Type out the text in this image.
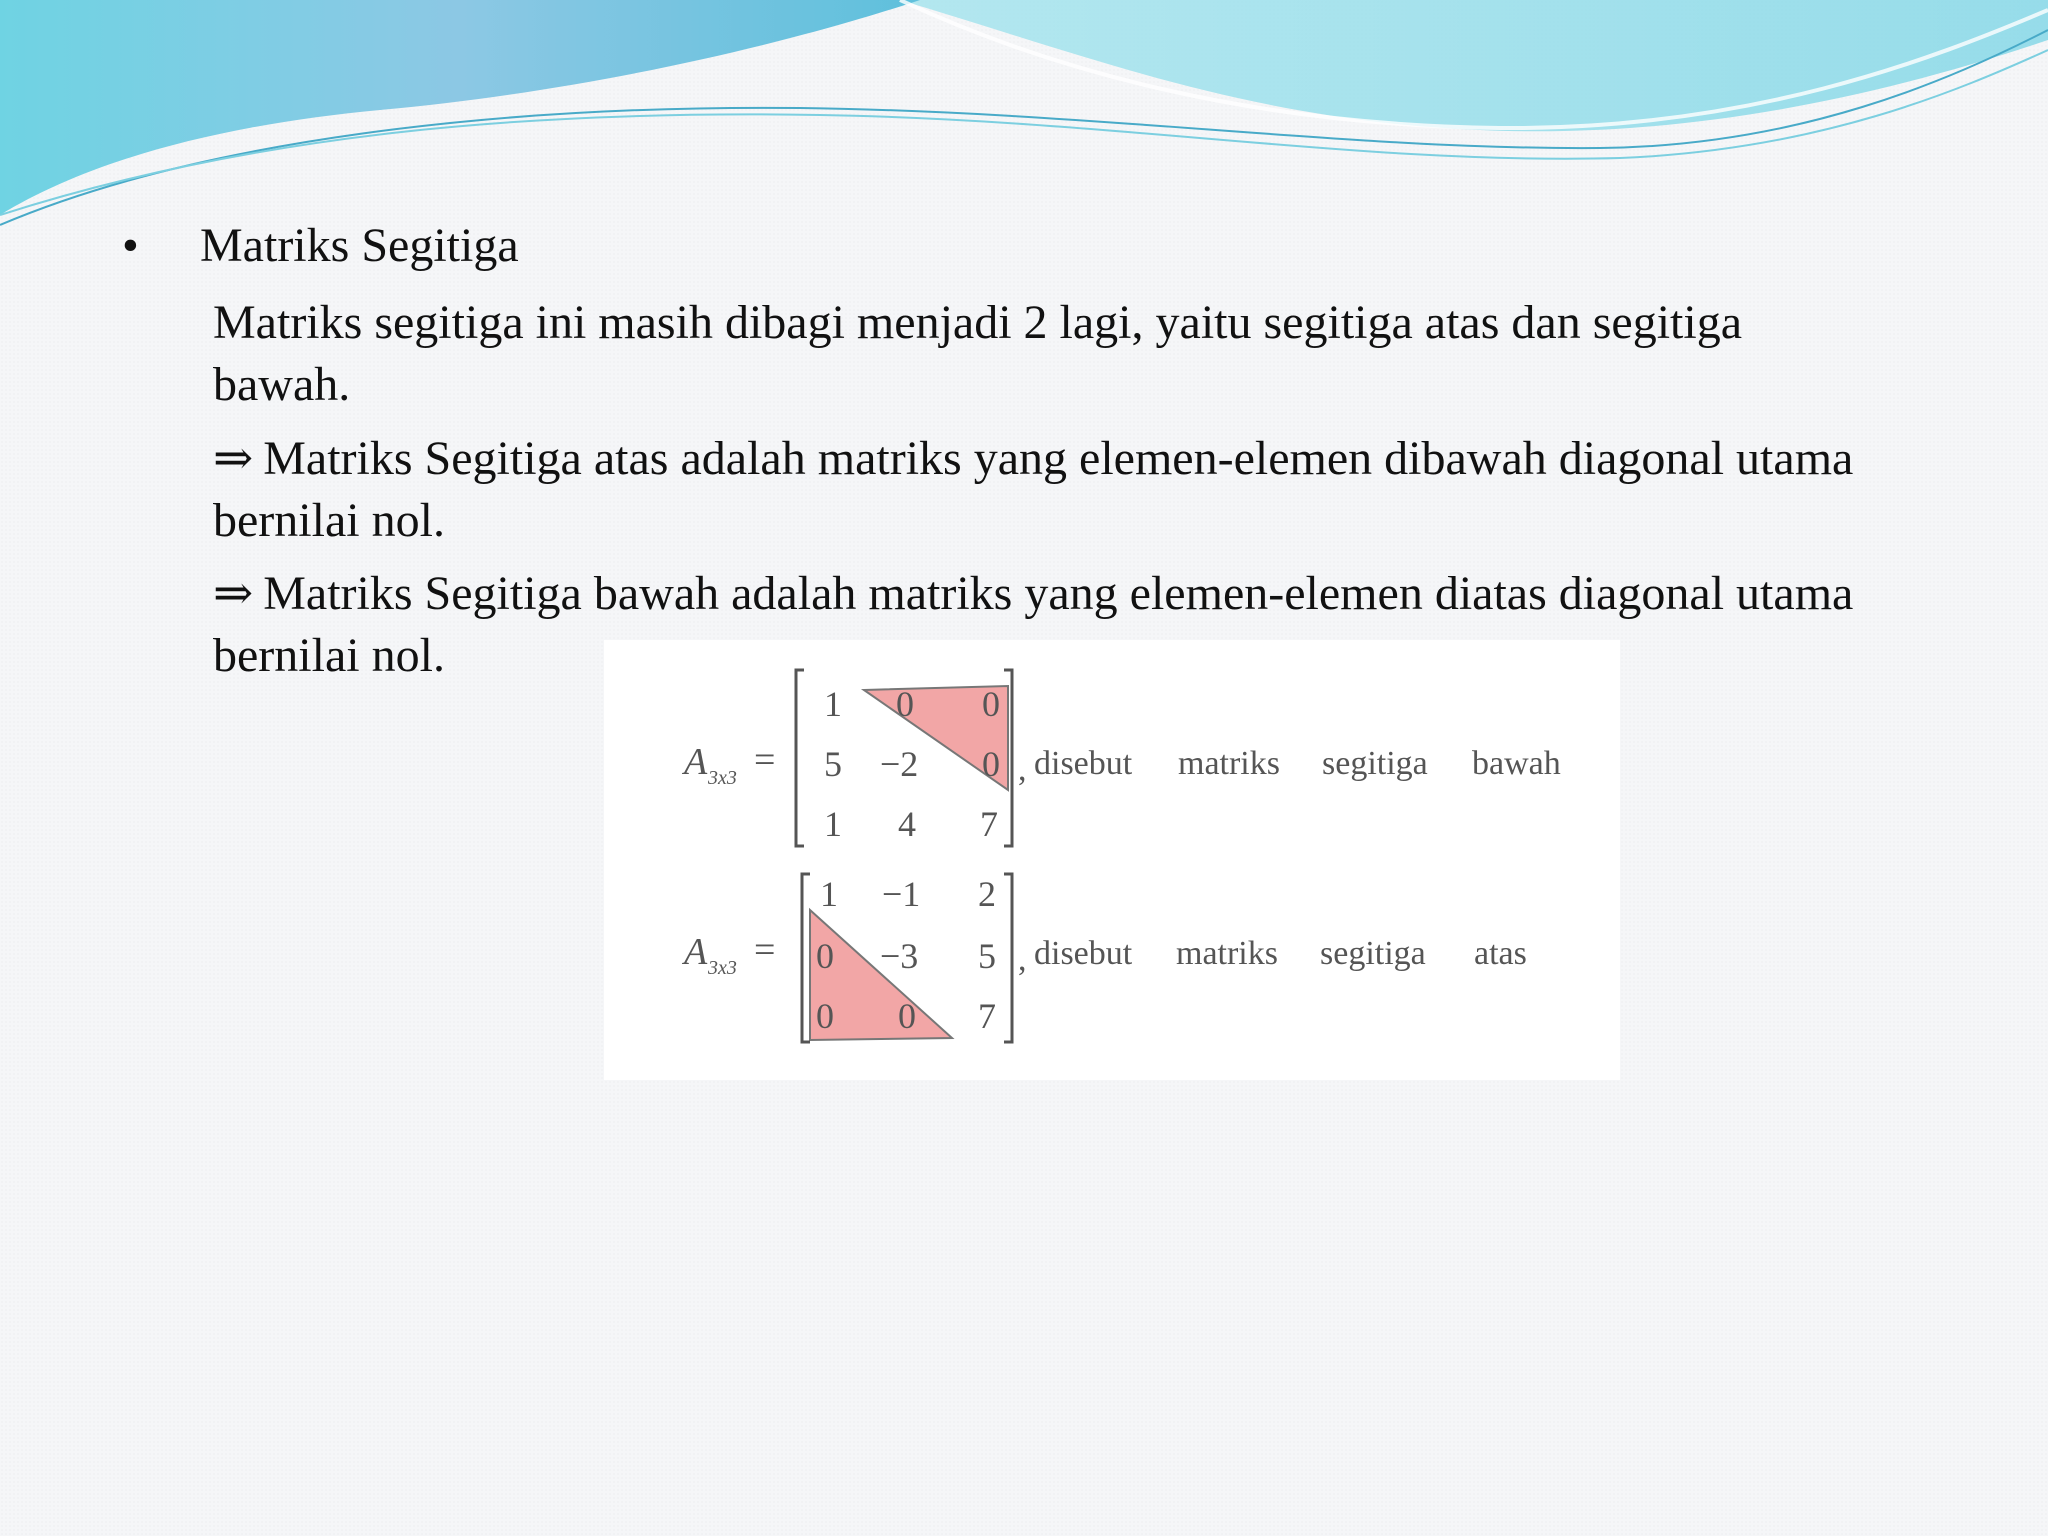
• Matriks Segitiga

Matriks segitiga ini masih dibagi menjadi 2 lagi, yaitu segitiga atas dan segitiga bawah.

⇒ Matriks Segitiga atas adalah matriks yang elemen-elemen dibawah diagonal utama bernilai nol.

⇒ Matriks Segitiga bawah adalah matriks yang elemen-elemen diatas diagonal utama bernilai nol.

A 3x3 =
1 0 0
5 −2 0
1 4 7
, disebut matriks segitiga bawah
A 3x3 =
1 −1 2
0 −3 5
0 0 7
, disebut matriks segitiga atas
